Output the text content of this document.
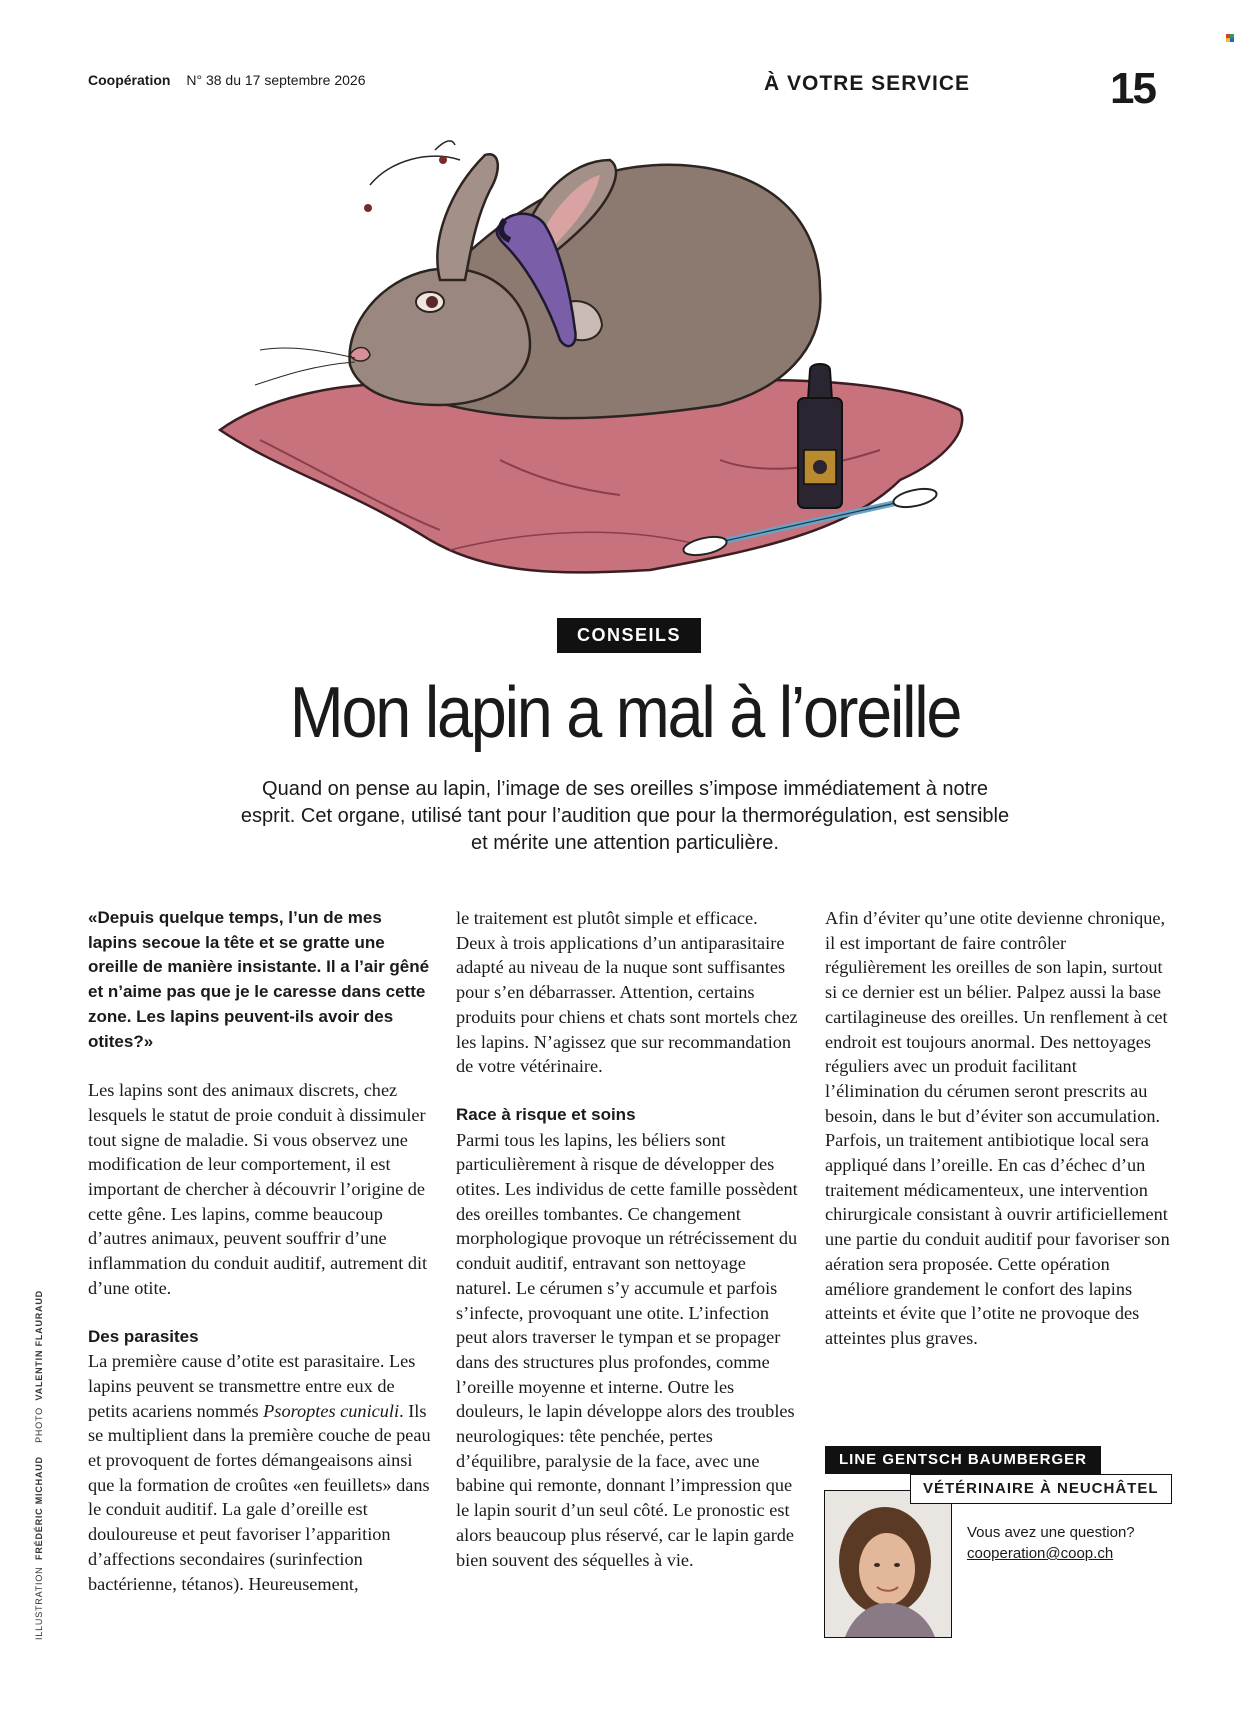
Coopération N° 38 du 17 septembre 2026	À VOTRE SERVICE	15
CONSEILS
Mon lapin a mal à l’oreille
Quand on pense au lapin, l’image de ses oreilles s’impose immédiatement à notre esprit. Cet organe, utilisé tant pour l’audition que pour la thermorégulation, est sensible et mérite une attention particulière.

«Depuis quelque temps, l’un de mes lapins secoue la tête et se gratte une oreille de manière insistante. Il a l’air gêné et n’aime pas que je le caresse dans cette zone. Les lapins peuvent-ils avoir des otites?»

Les lapins sont des animaux discrets, chez lesquels le statut de proie conduit à dissimuler tout signe de maladie. Si vous observez une modification de leur comportement, il est important de chercher à découvrir l’origine de cette gêne. Les lapins, comme beaucoup d’autres animaux, peuvent souffrir d’une inflammation du conduit auditif, autrement dit d’une otite.

Des parasites

La première cause d’otite est parasitaire. Les lapins peuvent se transmettre entre eux de petits acariens nommés Psoroptes cuniculi. Ils se multiplient dans la première couche de peau et provoquent de fortes démangeaisons ainsi que la formation de croûtes «en feuillets» dans le conduit auditif. La gale d’oreille est douloureuse et peut favoriser l’apparition d’affections secondaires (surinfection bactérienne, tétanos). Heureusement,

le traitement est plutôt simple et efficace. Deux à trois applications d’un antiparasitaire adapté au niveau de la nuque sont suffisantes pour s’en débarrasser. Attention, certains produits pour chiens et chats sont mortels chez les lapins. N’agissez que sur recommandation de votre vétérinaire.

Race à risque et soins

Parmi tous les lapins, les béliers sont particulièrement à risque de développer des otites. Les individus de cette famille possèdent des oreilles tombantes. Ce changement morphologique provoque un rétrécissement du conduit auditif, entravant son nettoyage naturel. Le cérumen s’y accumule et parfois s’infecte, provoquant une otite. L’infection peut alors traverser le tympan et se propager dans des structures plus profondes, comme l’oreille moyenne et interne. Outre les douleurs, le lapin développe alors des troubles neurologiques: tête penchée, pertes d’équilibre, paralysie de la face, avec une babine qui remonte, donnant l’impression que le lapin sourit d’un seul côté. Le pronostic est alors beaucoup plus réservé, car le lapin garde bien souvent des séquelles à vie.

Afin d’éviter qu’une otite devienne chronique, il est important de faire contrôler régulièrement les oreilles de son lapin, surtout si ce dernier est un bélier. Palpez aussi la base cartilagineuse des oreilles. Un renflement à cet endroit est toujours anormal. Des nettoyages réguliers avec un produit facilitant l’élimination du cérumen seront prescrits au besoin, dans le but d’éviter son accumulation. Parfois, un traitement antibiotique local sera appliqué dans l’oreille. En cas d’échec d’un traitement médicamenteux, une intervention chirurgicale consistant à ouvrir artificiellement une partie du conduit auditif pour favoriser son aération sera proposée. Cette opération améliore grandement le confort des lapins atteints et évite que l’otite ne provoque des atteintes plus graves.

ILLUSTRATION  FRÉDÉRIC MICHAUD    PHOTO  VALENTIN FLAURAUD
LINE GENTSCH BAUMBERGER
VÉTÉRINAIRE À NEUCHÂTEL
Vous avez une question?
cooperation@coop.ch
